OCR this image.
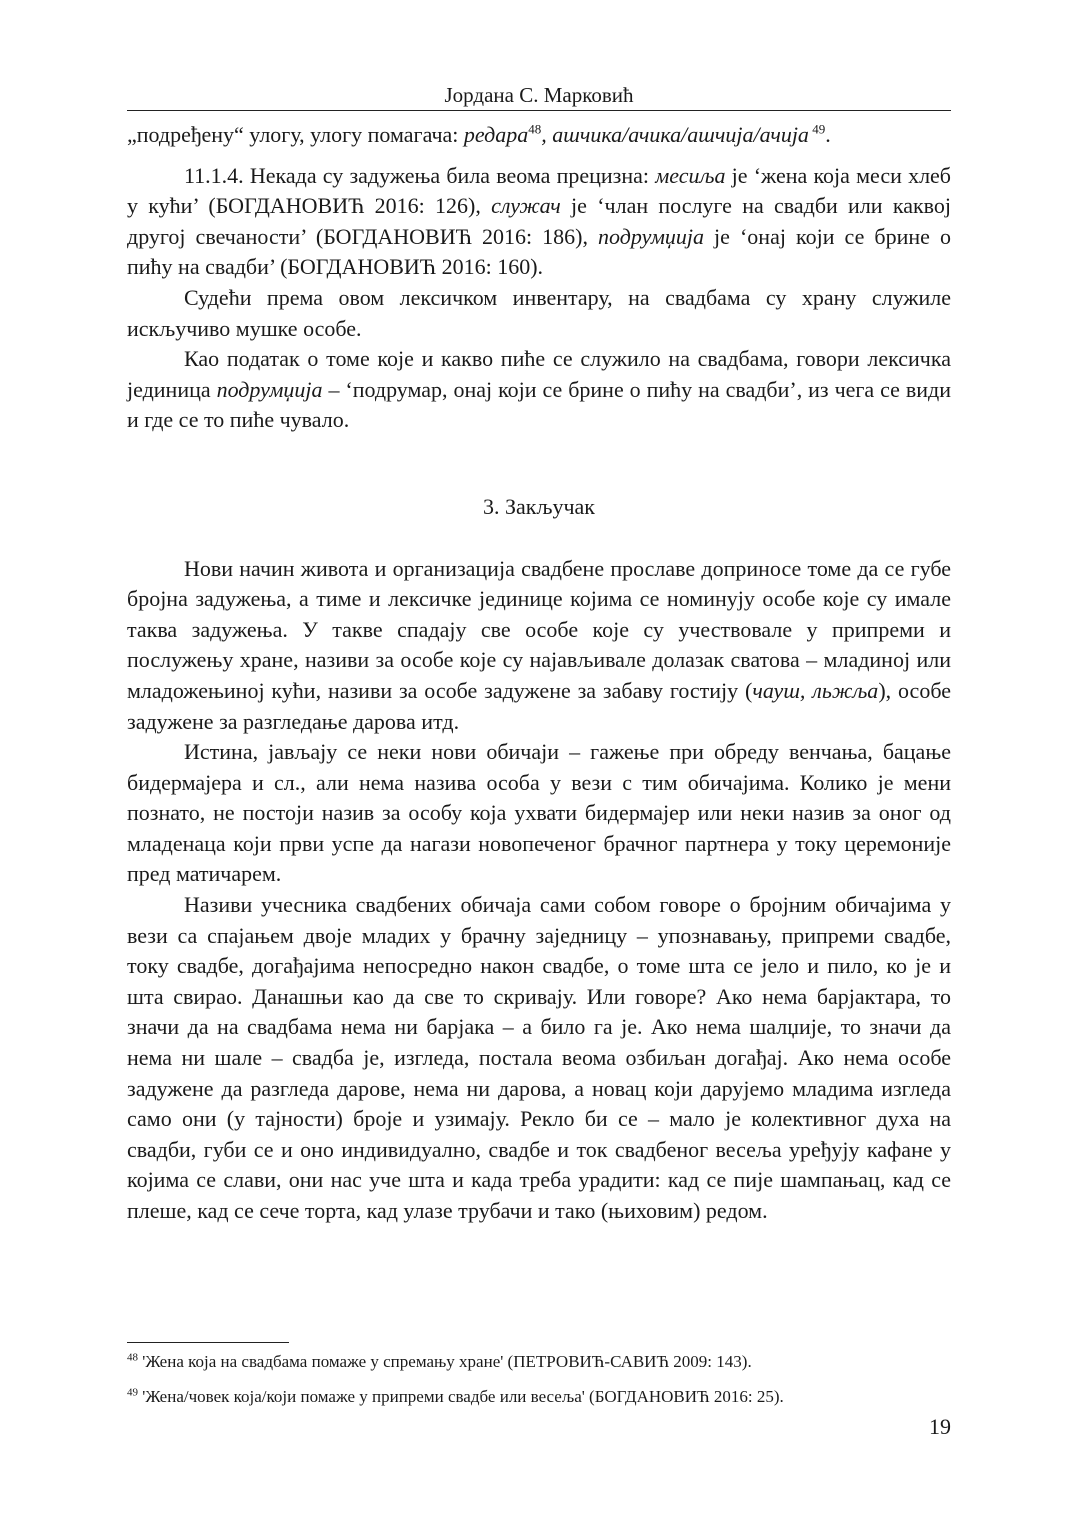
Јордана С. Марковић

„подређену“ улогу, улогу помагача: редара$^{48}$, ашчика/ачика/ашчија/ачија $^{49}$.

11.1.4. Некада су задужења била веома прецизна: месиља је ‘жена која меси хлеб у кући’ (БОГДАНОВИЋ 2016: 126), служач је ‘члан послуге на свадби или каквој другој свечаности’ (БОГДАНОВИЋ 2016: 186), подрумџија је ‘онај који се брине о пићу на свадби’ (БОГДАНОВИЋ 2016: 160).

Судећи према овом лексичком инвентару, на свадбама су храну служиле искључиво мушке особе.

Као податак о томе које и какво пиће се служило на свадбама, говори лексичка јединица подрумџија – ‘подрумар, онај који се брине о пићу на свадби’, из чега се види и где се то пиће чувало.

3. Закључак

Нови начин живота и организација свадбене прославе доприносе томе да се губе бројна задужења, а тиме и лексичке јединице којима се номинују особе које су имале таква задужења. У такве спадају све особе које су учествовале у припреми и послужењу хране, називи за особе које су најављивале долазак сватова – младиној или младожењиној кући, називи за особе задужене за забаву гостију (чауш, льжља), особе задужене за разгледање дарова итд.

Истина, јављају се неки нови обичаји – гажење при обреду венчања, бацање бидермајера и сл., али нема назива особа у вези с тим обичајима. Колико је мени познато, не постоји назив за особу која ухвати бидермајер или неки назив за оног од младенаца који први успе да нагази новопеченог брачног партнера у току церемоније пред матичарем.

Називи учесника свадбених обичаја сами собом говоре о бројним обичајима у вези са спајањем двоје младих у брачну заједницу – упознавању, припреми свадбе, току свадбе, догађајима непосредно након свадбе, о томе шта се јело и пило, ко је и шта свирао. Данашњи као да све то скривају. Или говоре? Ако нема барјактара, то значи да на свадбама нема ни барјака – а било га је. Ако нема шалџије, то значи да нема ни шале – свадба је, изгледа, постала веома озбиљан догађај. Ако нема особе задужене да разгледа дарове, нема ни дарова, а новац који дарујемо младима изгледа само они (у тајности) броје и узимају. Рекло би се – мало је колективног духа на свадби, губи се и оно индивидуално, свадбе и ток свадбеног весеља уређују кафане у којима се слави, они нас уче шта и када треба урадити: кад се пије шампањац, кад се плеше, кад се сече торта, кад улазе трубачи и тако (њиховим) редом.

$^{48}$ 'Жена која на свадбама помаже у спремању хране' (ПЕТРОВИЋ-САВИЋ 2009: 143).

$^{49}$ 'Жена/човек која/који помаже у припреми свадбе или весеља' (БОГДАНОВИЋ 2016: 25).

19
